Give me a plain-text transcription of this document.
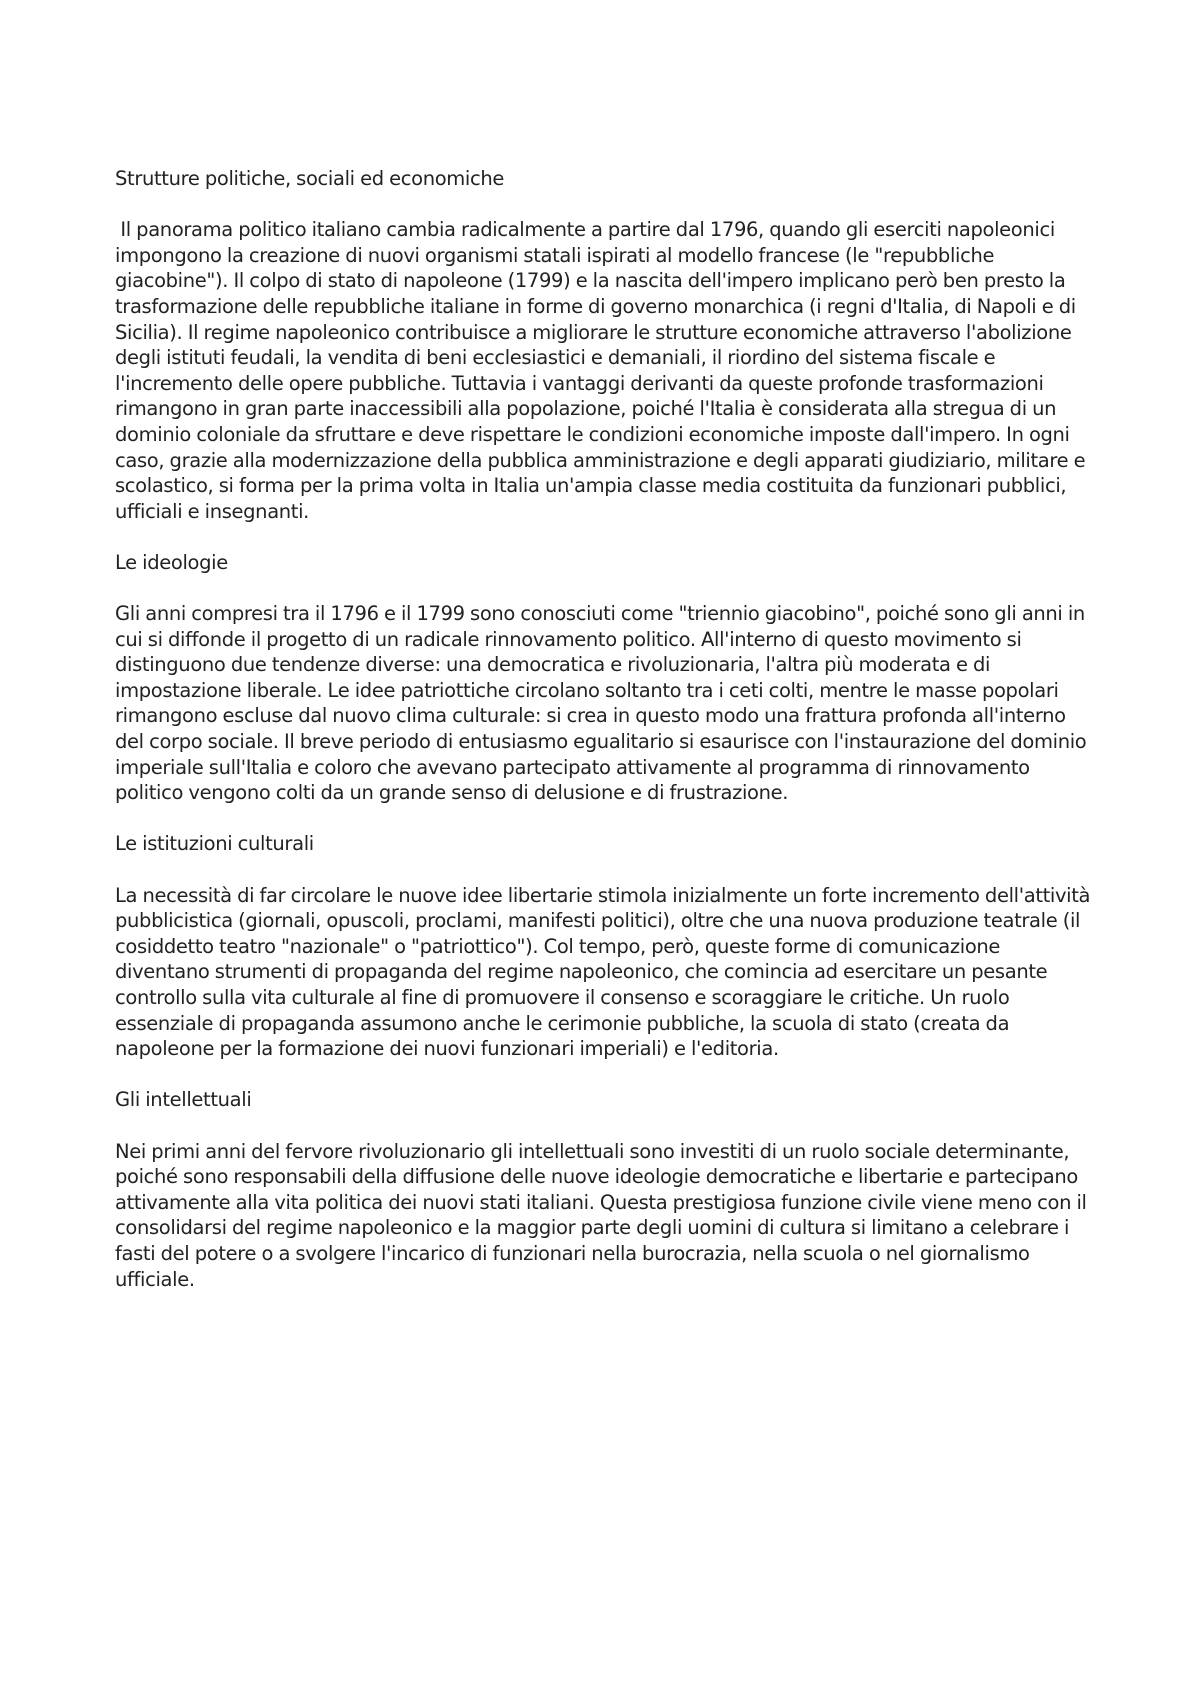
Strutture politiche, sociali ed economiche

Il panorama politico italiano cambia radicalmente a partire dal 1796, quando gli eserciti napoleonici impongono la creazione di nuovi organismi statali ispirati al modello francese (le "repubbliche giacobine"). Il colpo di stato di napoleone (1799) e la nascita dell'impero implicano però ben presto la trasformazione delle repubbliche italiane in forme di governo monarchica (i regni d'Italia, di Napoli e di Sicilia). Il regime napoleonico contribuisce a migliorare le strutture economiche attraverso l'abolizione degli istituti feudali, la vendita di beni ecclesiastici e demaniali, il riordino del sistema fiscale e l'incremento delle opere pubbliche. Tuttavia i vantaggi derivanti da queste profonde trasformazioni rimangono in gran parte inaccessibili alla popolazione, poiché l'Italia è considerata alla stregua di un dominio coloniale da sfruttare e deve rispettare le condizioni economiche imposte dall'impero. In ogni caso, grazie alla modernizzazione della pubblica amministrazione e degli apparati giudiziario, militare e scolastico, si forma per la prima volta in Italia un'ampia classe media costituita da funzionari pubblici, ufficiali e insegnanti.

Le ideologie

Gli anni compresi tra il 1796 e il 1799 sono conosciuti come "triennio giacobino", poiché sono gli anni in cui si diffonde il progetto di un radicale rinnovamento politico. All'interno di questo movimento si distinguono due tendenze diverse: una democratica e rivoluzionaria, l'altra più moderata e di impostazione liberale. Le idee patriottiche circolano soltanto tra i ceti colti, mentre le masse popolari rimangono escluse dal nuovo clima culturale: si crea in questo modo una frattura profonda all'interno del corpo sociale. Il breve periodo di entusiasmo egualitario si esaurisce con l'instaurazione del dominio imperiale sull'Italia e coloro che avevano partecipato attivamente al programma di rinnovamento politico vengono colti da un grande senso di delusione e di frustrazione.

Le istituzioni culturali

La necessità di far circolare le nuove idee libertarie stimola inizialmente un forte incremento dell'attività pubblicistica (giornali, opuscoli, proclami, manifesti politici), oltre che una nuova produzione teatrale (il cosiddetto teatro "nazionale" o "patriottico"). Col tempo, però, queste forme di comunicazione diventano strumenti di propaganda del regime napoleonico, che comincia ad esercitare un pesante controllo sulla vita culturale al fine di promuovere il consenso e scoraggiare le critiche. Un ruolo essenziale di propaganda assumono anche le cerimonie pubbliche, la scuola di stato (creata da napoleone per la formazione dei nuovi funzionari imperiali) e l'editoria.

Gli intellettuali

Nei primi anni del fervore rivoluzionario gli intellettuali sono investiti di un ruolo sociale determinante, poiché sono responsabili della diffusione delle nuove ideologie democratiche e libertarie e partecipano attivamente alla vita politica dei nuovi stati italiani. Questa prestigiosa funzione civile viene meno con il consolidarsi del regime napoleonico e la maggior parte degli uomini di cultura si limitano a celebrare i fasti del potere o a svolgere l'incarico di funzionari nella burocrazia, nella scuola o nel giornalismo ufficiale.
